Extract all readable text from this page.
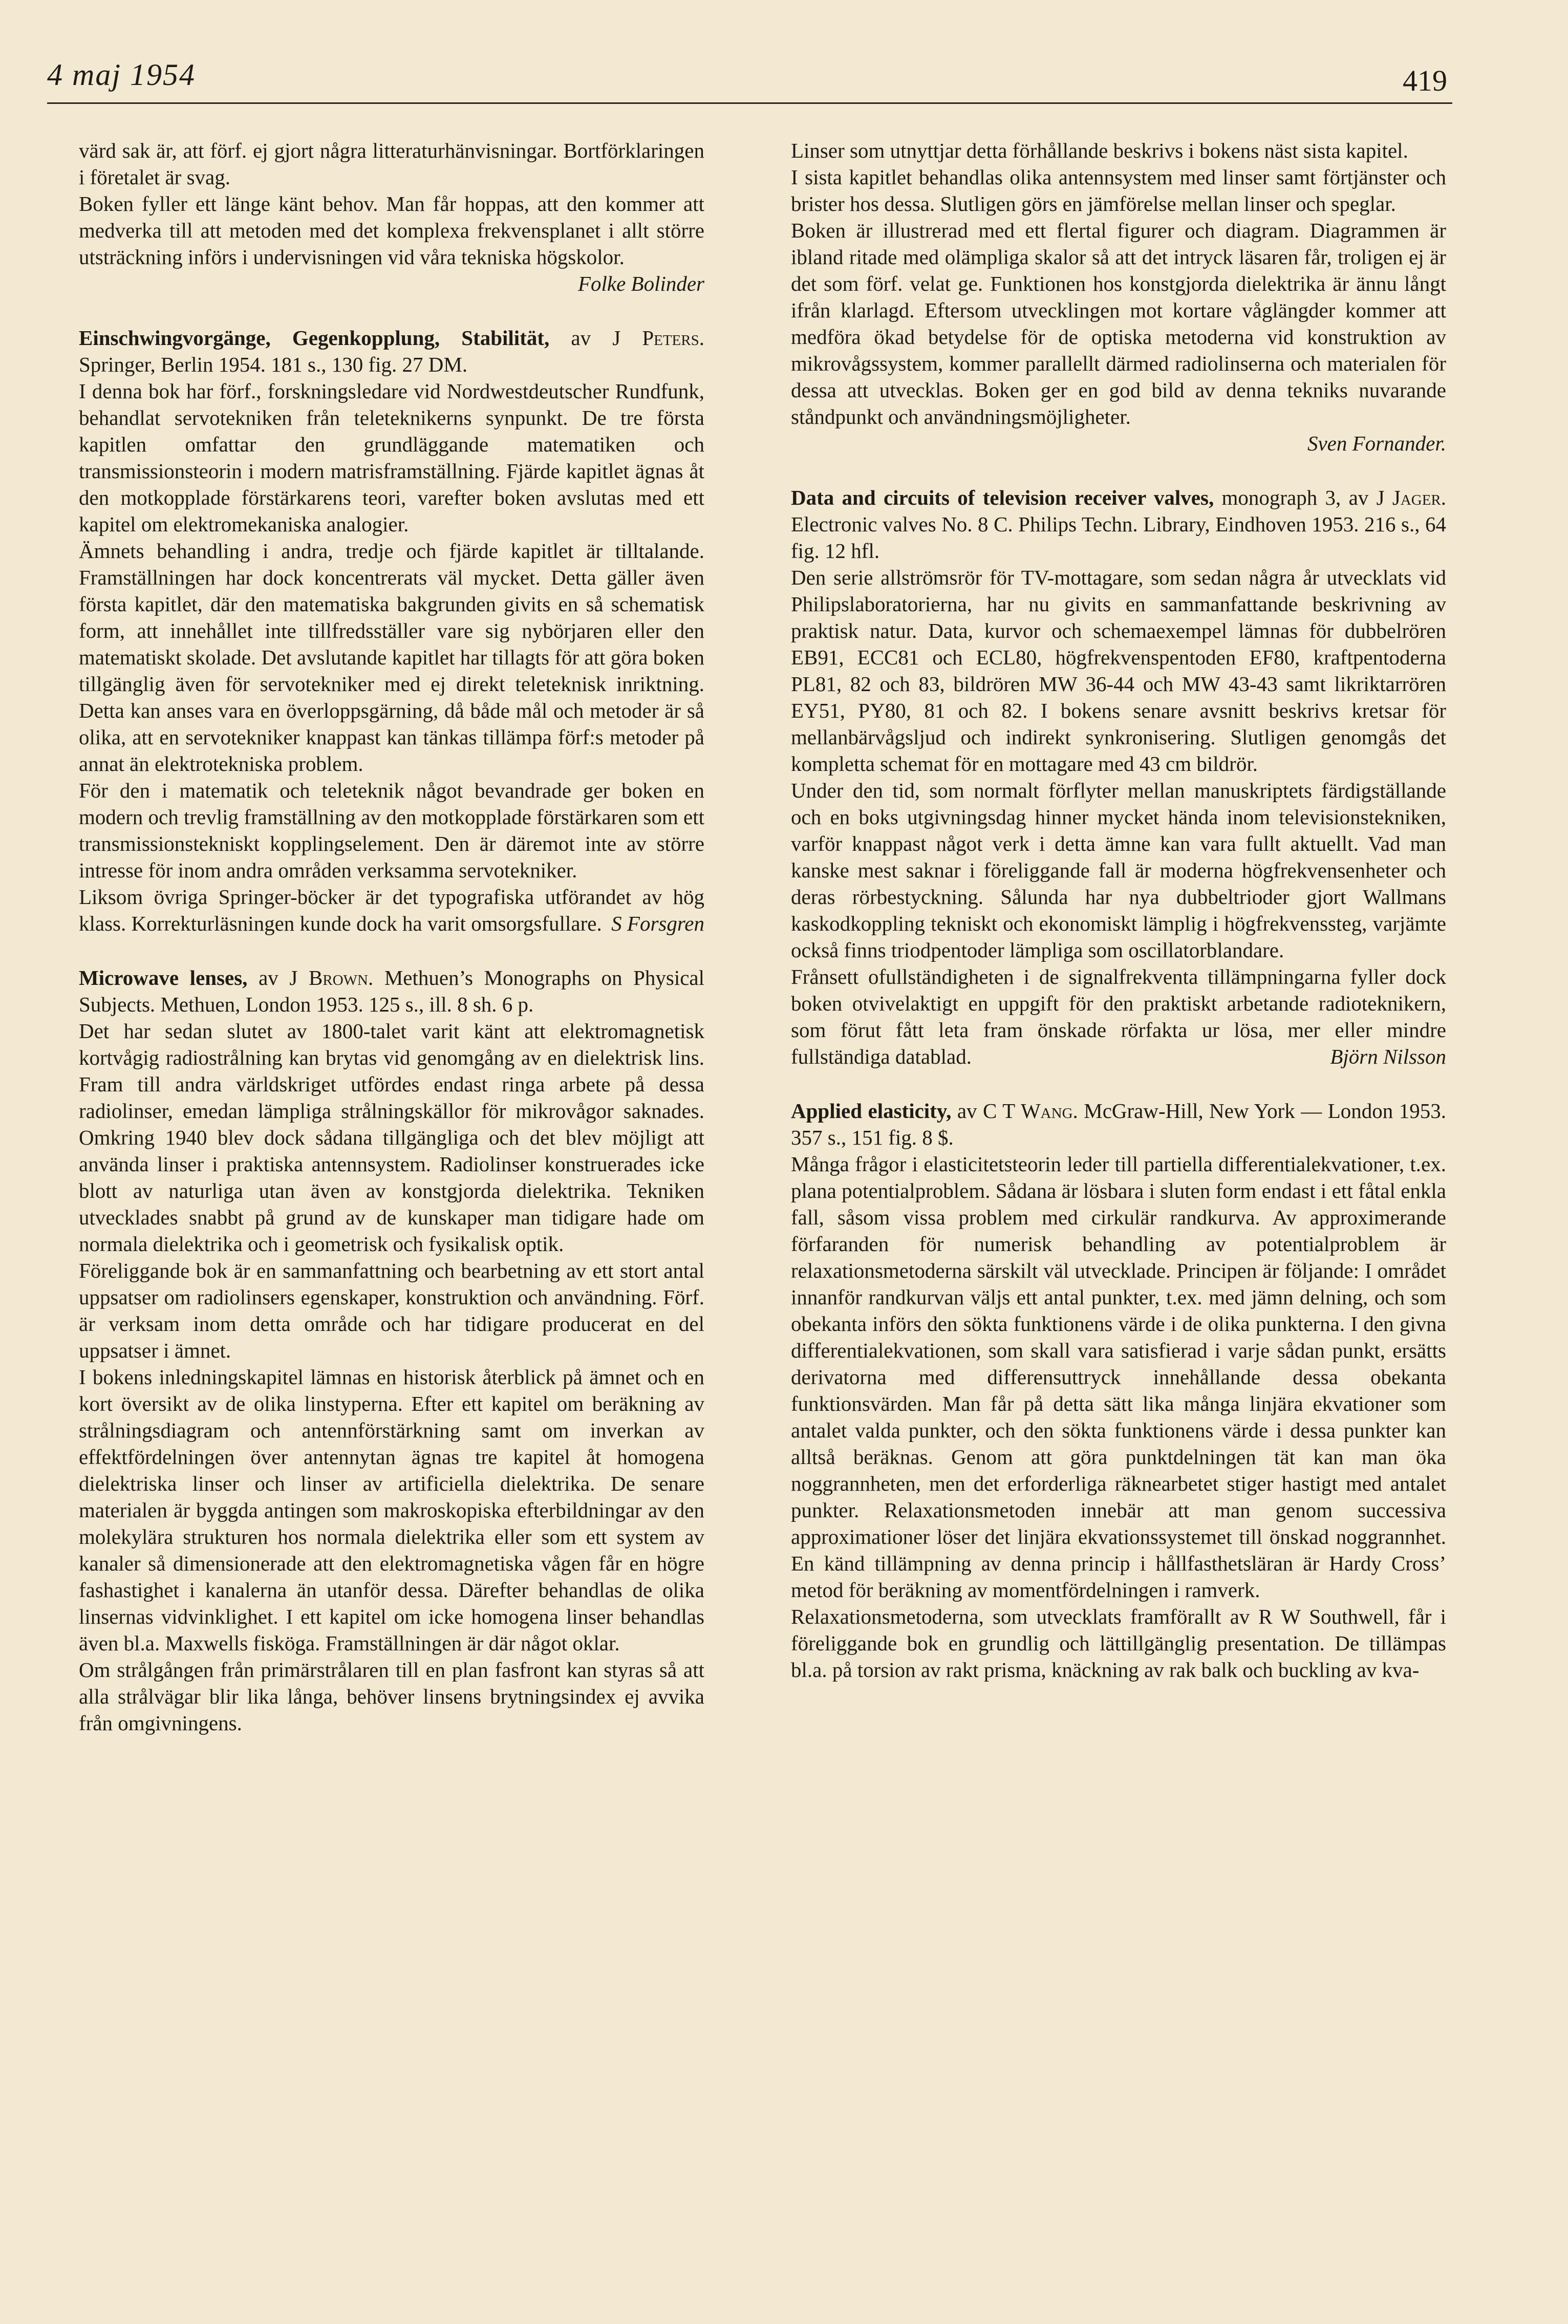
4 maj 1954	419

värd sak är, att förf. ej gjort några litteraturhänvisningar. Bortförklaringen i företalet är svag.

Boken fyller ett länge känt behov. Man får hoppas, att den kommer att medverka till att metoden med det komplexa frekvensplanet i allt större utsträckning införs i undervisningen vid våra tekniska högskolor.

Folke Bolinder

Einschwingvorgänge, Gegenkopplung, Stabilität, av J Peters. Springer, Berlin 1954. 181 s., 130 fig. 27 DM.

I denna bok har förf., forskningsledare vid Nordwestdeutscher Rundfunk, behandlat servotekniken från teleteknikerns synpunkt. De tre första kapitlen omfattar den grundläggande matematiken och transmissionsteorin i modern matrisframställning. Fjärde kapitlet ägnas åt den motkopplade förstärkarens teori, varefter boken avslutas med ett kapitel om elektromekaniska analogier.

Ämnets behandling i andra, tredje och fjärde kapitlet är tilltalande. Framställningen har dock koncentrerats väl mycket. Detta gäller även första kapitlet, där den matematiska bakgrunden givits en så schematisk form, att innehållet inte tillfredsställer vare sig nybörjaren eller den matematiskt skolade. Det avslutande kapitlet har tillagts för att göra boken tillgänglig även för servotekniker med ej direkt teleteknisk inriktning. Detta kan anses vara en överloppsgärning, då både mål och metoder är så olika, att en servotekniker knappast kan tänkas tillämpa förf:s metoder på annat än elektrotekniska problem.

För den i matematik och teleteknik något bevandrade ger boken en modern och trevlig framställning av den motkopplade förstärkaren som ett transmissionstekniskt kopplingselement. Den är däremot inte av större intresse för inom andra områden verksamma servotekniker.

Liksom övriga Springer-böcker är det typografiska utförandet av hög klass. Korrekturläsningen kunde dock ha varit omsorgsfullare. S Forsgren

Microwave lenses, av J Brown. Methuen’s Monographs on Physical Subjects. Methuen, London 1953. 125 s., ill. 8 sh. 6 p.

Det har sedan slutet av 1800-talet varit känt att elektromagnetisk kortvågig radiostrålning kan brytas vid genomgång av en dielektrisk lins. Fram till andra världskriget utfördes endast ringa arbete på dessa radiolinser, emedan lämpliga strålningskällor för mikrovågor saknades. Omkring 1940 blev dock sådana tillgängliga och det blev möjligt att använda linser i praktiska antennsystem. Radiolinser konstruerades icke blott av naturliga utan även av konstgjorda dielektrika. Tekniken utvecklades snabbt på grund av de kunskaper man tidigare hade om normala dielektrika och i geometrisk och fysikalisk optik.

Föreliggande bok är en sammanfattning och bearbetning av ett stort antal uppsatser om radiolinsers egenskaper, konstruktion och användning. Förf. är verksam inom detta område och har tidigare producerat en del uppsatser i ämnet.

I bokens inledningskapitel lämnas en historisk återblick på ämnet och en kort översikt av de olika linstyperna. Efter ett kapitel om beräkning av strålningsdiagram och antennförstärkning samt om inverkan av effektfördelningen över antennytan ägnas tre kapitel åt homogena dielektriska linser och linser av artificiella dielektrika. De senare materialen är byggda antingen som makroskopiska efterbildningar av den molekylära strukturen hos normala dielektrika eller som ett system av kanaler så dimensionerade att den elektromagnetiska vågen får en högre fashastighet i kanalerna än utanför dessa. Därefter behandlas de olika linsernas vidvinklighet. I ett kapitel om icke homogena linser behandlas även bl.a. Maxwells fisköga. Framställningen är där något oklar.

Om strålgången från primärstrålaren till en plan fasfront kan styras så att alla strålvägar blir lika långa, behöver linsens brytningsindex ej avvika från omgivningens.

Linser som utnyttjar detta förhållande beskrivs i bokens näst sista kapitel.

I sista kapitlet behandlas olika antennsystem med linser samt förtjänster och brister hos dessa. Slutligen görs en jämförelse mellan linser och speglar.

Boken är illustrerad med ett flertal figurer och diagram. Diagrammen är ibland ritade med olämpliga skalor så att det intryck läsaren får, troligen ej är det som förf. velat ge. Funktionen hos konstgjorda dielektrika är ännu långt ifrån klarlagd. Eftersom utvecklingen mot kortare våglängder kommer att medföra ökad betydelse för de optiska metoderna vid konstruktion av mikrovågssystem, kommer parallellt därmed radiolinserna och materialen för dessa att utvecklas. Boken ger en god bild av denna tekniks nuvarande ståndpunkt och användningsmöjligheter.

Sven Fornander.

Data and circuits of television receiver valves, monograph 3, av J Jager. Electronic valves No. 8 C. Philips Techn. Library, Eindhoven 1953. 216 s., 64 fig. 12 hfl.

Den serie allströmsrör för TV-mottagare, som sedan några år utvecklats vid Philipslaboratorierna, har nu givits en sammanfattande beskrivning av praktisk natur. Data, kurvor och schemaexempel lämnas för dubbelrören EB91, ECC81 och ECL80, högfrekvenspentoden EF80, kraftpentoderna PL81, 82 och 83, bildrören MW 36-44 och MW 43-43 samt likriktarrören EY51, PY80, 81 och 82. I bokens senare avsnitt beskrivs kretsar för mellanbärvågsljud och indirekt synkronisering. Slutligen genomgås det kompletta schemat för en mottagare med 43 cm bildrör.

Under den tid, som normalt förflyter mellan manuskriptets färdigställande och en boks utgivningsdag hinner mycket hända inom televisionstekniken, varför knappast något verk i detta ämne kan vara fullt aktuellt. Vad man kanske mest saknar i föreliggande fall är moderna högfrekvensenheter och deras rörbestyckning. Sålunda har nya dubbeltrioder gjort Wallmans kaskodkoppling tekniskt och ekonomiskt lämplig i högfrekvenssteg, varjämte också finns triodpentoder lämpliga som oscillatorblandare.

Frånsett ofullständigheten i de signalfrekventa tillämpningarna fyller dock boken otvivelaktigt en uppgift för den praktiskt arbetande radioteknikern, som förut fått leta fram önskade rörfakta ur lösa, mer eller mindre fullständiga datablad.	Björn Nilsson

Applied elasticity, av C T Wang. McGraw-Hill, New York — London 1953. 357 s., 151 fig. 8 $.

Många frågor i elasticitetsteorin leder till partiella differentialekvationer, t.ex. plana potentialproblem. Sådana är lösbara i sluten form endast i ett fåtal enkla fall, såsom vissa problem med cirkulär randkurva. Av approximerande förfaranden för numerisk behandling av potentialproblem är relaxationsmetoderna särskilt väl utvecklade. Principen är följande: I området innanför randkurvan väljs ett antal punkter, t.ex. med jämn delning, och som obekanta införs den sökta funktionens värde i de olika punkterna. I den givna differentialekvationen, som skall vara satisfierad i varje sådan punkt, ersätts derivatorna med differensuttryck innehållande dessa obekanta funktionsvärden. Man får på detta sätt lika många linjära ekvationer som antalet valda punkter, och den sökta funktionens värde i dessa punkter kan alltså beräknas. Genom att göra punktdelningen tät kan man öka noggrannheten, men det erforderliga räknearbetet stiger hastigt med antalet punkter. Relaxationsmetoden innebär att man genom successiva approximationer löser det linjära ekvationssystemet till önskad noggrannhet. En känd tillämpning av denna princip i hållfasthetsläran är Hardy Cross’ metod för beräkning av momentfördelningen i ramverk.

Relaxationsmetoderna, som utvecklats framförallt av R W Southwell, får i föreliggande bok en grundlig och lättillgänglig presentation. De tillämpas bl.a. på torsion av rakt prisma, knäckning av rak balk och buckling av kva-
